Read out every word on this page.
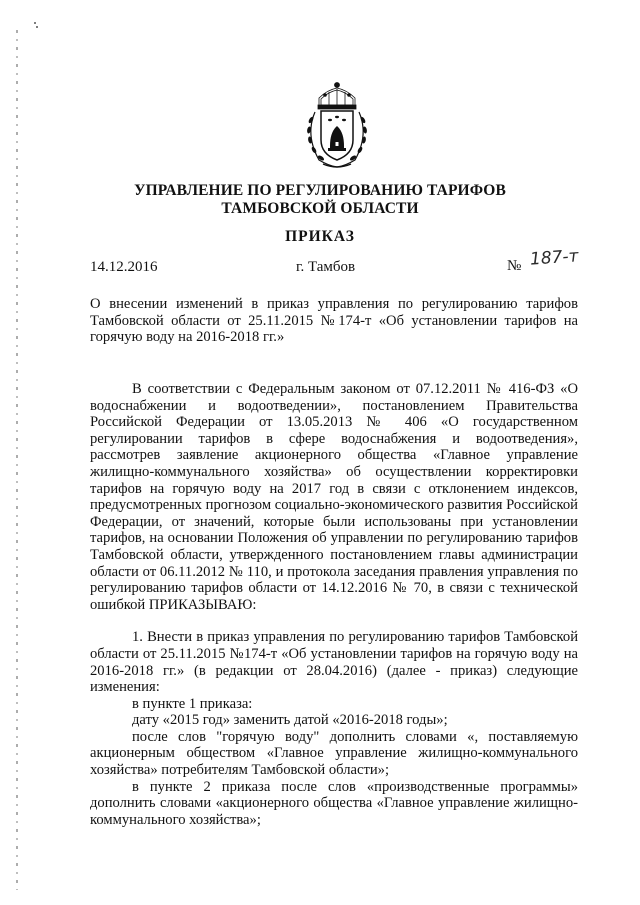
УПРАВЛЕНИЕ ПО РЕГУЛИРОВАНИЮ ТАРИФОВ
ТАМБОВСКОЙ ОБЛАСТИ
ПРИКАЗ
14.12.2016	г. Тамбов	№ 187-т
О внесении изменений в приказ управления по регулированию тарифов Тамбовской области от 25.11.2015 №174-т «Об установлении тарифов на горячую воду на 2016-2018 гг.»

В соответствии с Федеральным законом от 07.12.2011 № 416-ФЗ «О водоснабжении и водоотведении», постановлением Правительства Российской Федерации от 13.05.2013 № 406 «О государственном регулировании тарифов в сфере водоснабжения и водоотведения», рассмотрев заявление акционерного общества «Главное управление жилищно-коммунального хозяйства» об осуществлении корректировки тарифов на горячую воду на 2017 год в связи с отклонением индексов, предусмотренных прогнозом социально-экономического развития Российской Федерации, от значений, которые были использованы при установлении тарифов, на основании Положения об управлении по регулированию тарифов Тамбовской области, утвержденного постановлением главы администрации области от 06.11.2012 № 110, и протокола заседания правления управления по регулированию тарифов области от 14.12.2016 № 70, в связи с технической ошибкой ПРИКАЗЫВАЮ:

1. Внести в приказ управления по регулированию тарифов Тамбовской области от 25.11.2015 №174-т «Об установлении тарифов на горячую воду на 2016-2018 гг.» (в редакции от 28.04.2016) (далее - приказ) следующие изменения:

в пункте 1 приказа:

дату «2015 год» заменить датой «2016-2018 годы»;

после слов "горячую воду" дополнить словами «, поставляемую акционерным обществом «Главное управление жилищно-коммунального хозяйства» потребителям Тамбовской области»;

в пункте 2 приказа после слов «производственные программы» дополнить словами «акционерного общества «Главное управление жилищно-коммунального хозяйства»;
